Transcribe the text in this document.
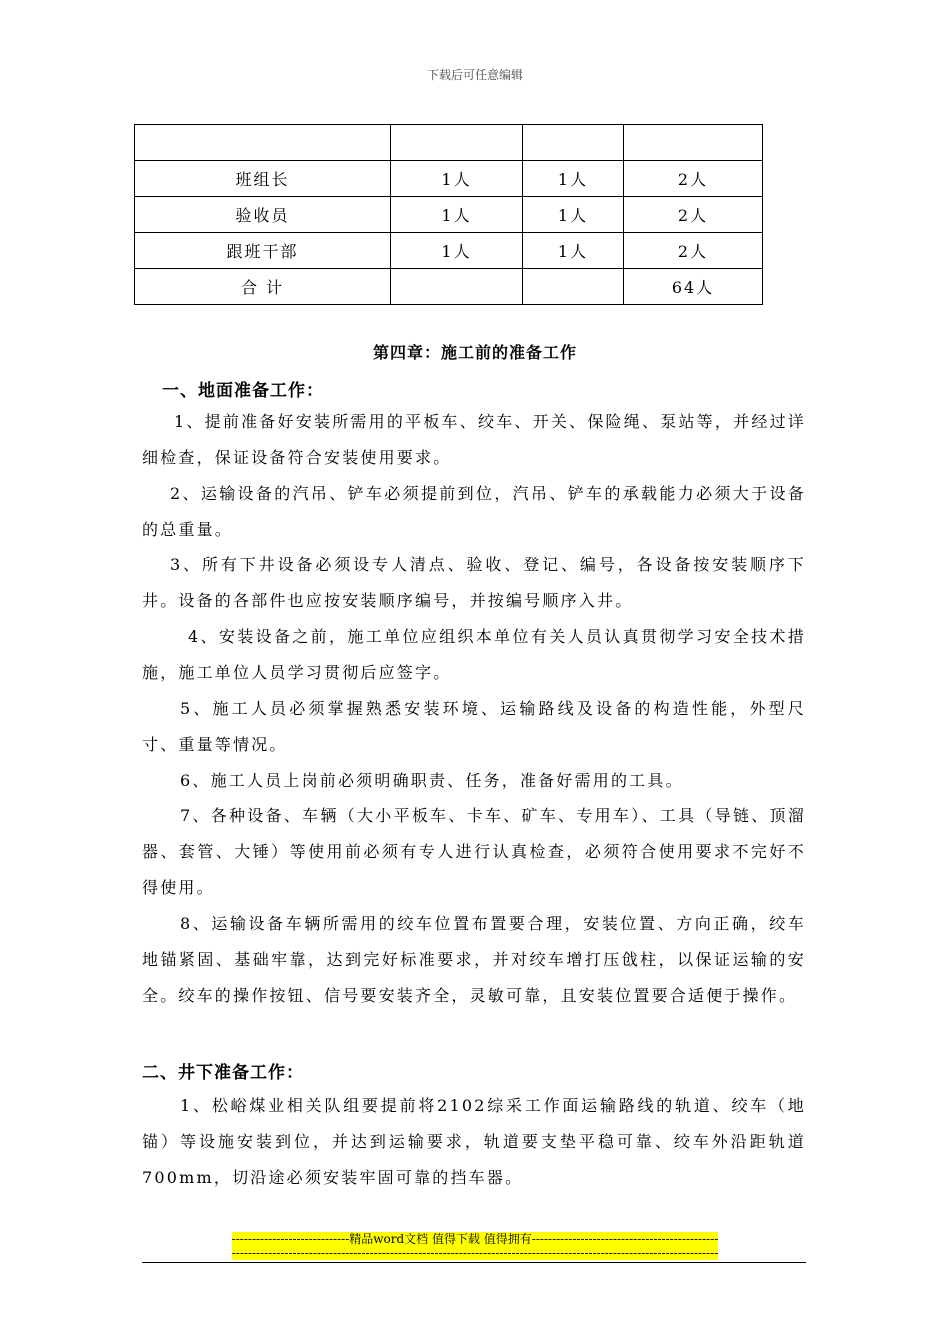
下载后可任意编辑

班组长	1人	1人	2人
验收员	1人	1人	2人
跟班干部	1人	1人	2人
合 计			64人
第四章：施工前的准备工作
一、地面准备工作：
1、提前准备好安装所需用的平板车、绞车、开关、保险绳、泵站等，并经过详细检查，保证设备符合安装使用要求。
2、运输设备的汽吊、铲车必须提前到位，汽吊、铲车的承载能力必须大于设备的总重量。
3、所有下井设备必须设专人清点、验收、登记、编号，各设备按安装顺序下井。设备的各部件也应按安装顺序编号，并按编号顺序入井。
4、安装设备之前，施工单位应组织本单位有关人员认真贯彻学习安全技术措施，施工单位人员学习贯彻后应签字。
5、施工人员必须掌握熟悉安装环境、运输路线及设备的构造性能，外型尺寸、重量等情况。
6、施工人员上岗前必须明确职责、任务，准备好需用的工具。
7、各种设备、车辆（大小平板车、卡车、矿车、专用车）、工具（导链、顶溜器、套管、大锤）等使用前必须有专人进行认真检查，必须符合使用要求不完好不得使用。
8、运输设备车辆所需用的绞车位置布置要合理，安装位置、方向正确，绞车地锚紧固、基础牢靠，达到完好标准要求，并对绞车增打压戗柱，以保证运输的安全。绞车的操作按钮、信号要安装齐全，灵敏可靠，且安装位置要合适便于操作。
二、井下准备工作：
1、松峪煤业相关队组要提前将2102综采工作面运输路线的轨道、绞车（地锚）等设施安装到位，并达到运输要求，轨道要支垫平稳可靠、绞车外沿距轨道700mm，切沿途必须安装牢固可靠的挡车器。
-----------------------------精品word文档 值得下载 值得拥有----------------------------------------------
------------------------------------------------------------------------------------------------------------------------
